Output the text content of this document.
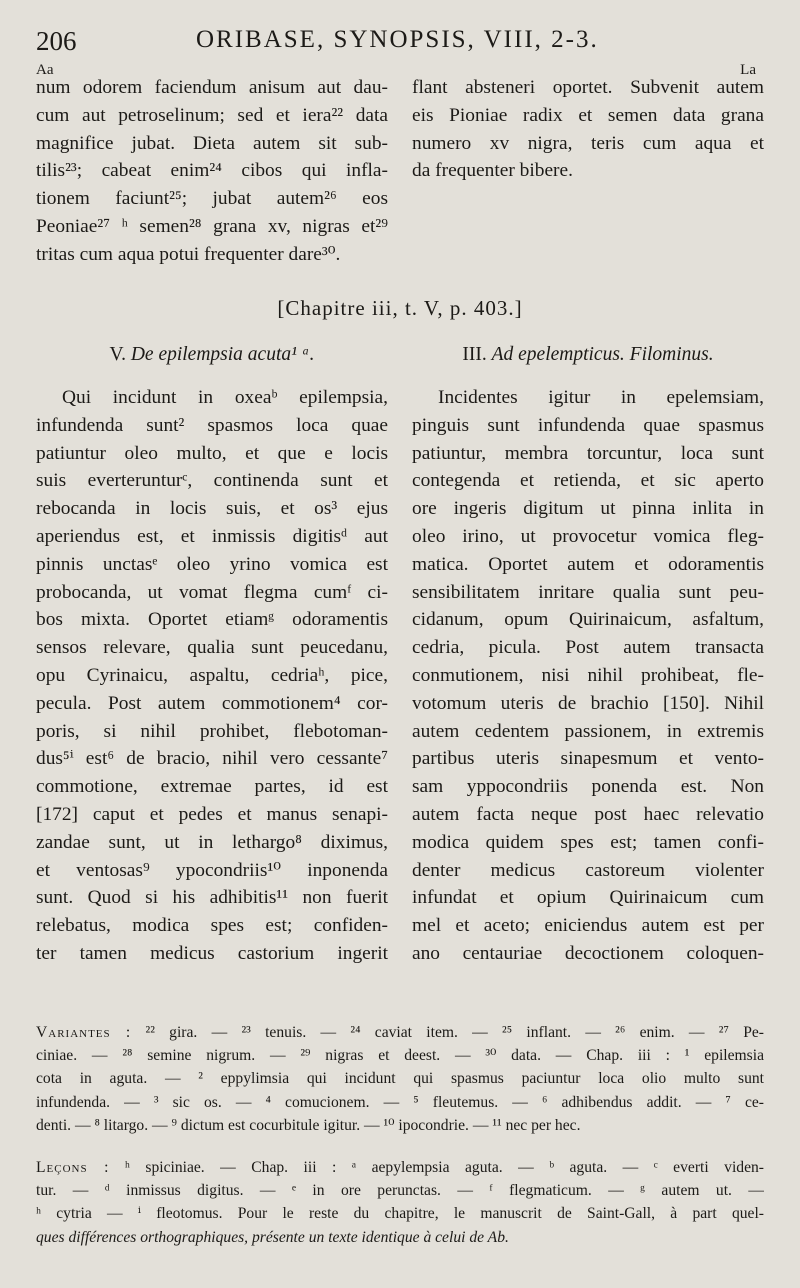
206	ORIBASE, SYNOPSIS, VIII, 2-3.
Aa	La
num odorem faciendum anisum aut dau-
cum aut petroselinum; sed et iera²² data
magnifice jubat. Dieta autem sit sub-
tilis²³; cabeat enim²⁴ cibos qui infla-
tionem faciunt²⁵; jubat autem²⁶ eos
Peoniae²⁷ ʰ semen²⁸ grana xv, nigras et²⁹
tritas cum aqua potui frequenter dare³⁰.
flant absteneri oportet. Subvenit autem
eis Pioniae radix et semen data grana
numero xv nigra, teris cum aqua et
da frequenter bibere.
[Chapitre iii, t. V, p. 403.]
V. De epilempsia acuta¹ ᵃ.	III. Ad epelempticus. Filominus.
Qui incidunt in oxeaᵇ epilempsia,
infundenda sunt² spasmos loca quae
patiuntur oleo multo, et que e locis
suis everterunturᶜ, continenda sunt et
rebocanda in locis suis, et os³ ejus
aperiendus est, et inmissis digitisᵈ aut
pinnis unctasᵉ oleo yrino vomica est
probocanda, ut vomat flegma cumᶠ ci-
bos mixta. Oportet etiamᵍ odoramentis
sensos relevare, qualia sunt peucedanu,
opu Cyrinaicu, aspaltu, cedriaʰ, pice,
pecula. Post autem commotionem⁴ cor-
poris, si nihil prohibet, flebotoman-
dus⁵ⁱ est⁶ de bracio, nihil vero cessante⁷
commotione, extremae partes, id est
[172] caput et pedes et manus senapi-
zandae sunt, ut in lethargo⁸ diximus,
et ventosas⁹ ypocondriis¹⁰ inponenda
sunt. Quod si his adhibitis¹¹ non fuerit
relebatus, modica spes est; confiden-
ter tamen medicus castorium ingerit
Incidentes igitur in epelemsiam,
pinguis sunt infundenda quae spasmus
patiuntur, membra torcuntur, loca sunt
contegenda et retienda, et sic aperto
ore ingeris digitum ut pinna inlita in
oleo irino, ut provocetur vomica fleg-
matica. Oportet autem et odoramentis
sensibilitatem inritare qualia sunt peu-
cidanum, opum Quirinaicum, asfaltum,
cedria, picula. Post autem transacta
conmutionem, nisi nihil prohibeat, fle-
votomum uteris de brachio [150]. Nihil
autem cedentem passionem, in extremis
partibus uteris sinapesmum et vento-
sam yppocondriis ponenda est. Non
autem facta neque post haec relevatio
modica quidem spes est; tamen confi-
denter medicus castoreum violenter
infundat et opium Quirinaicum cum
mel et aceto; eniciendus autem est per
ano centauriae decoctionem coloquen-
Variantes : ²² gira. — ²³ tenuis. — ²⁴ caviat item. — ²⁵ inflant. — ²⁶ enim. — ²⁷ Pe-
ciniae. — ²⁸ semine nigrum. — ²⁹ nigras et deest. — ³⁰ data. — Chap. iii : ¹ epilemsia
cota in aguta. — ² eppylimsia qui incidunt qui spasmus paciuntur loca olio multo sunt
infundenda. — ³ sic os. — ⁴ comucionem. — ⁵ fleutemus. — ⁶ adhibendus addit. — ⁷ ce-
denti. — ⁸ litargo. — ⁹ dictum est cocurbitule igitur. — ¹⁰ ipocondrie. — ¹¹ nec per hec.
Leçons : ʰ spiciniae. — Chap. iii : ᵃ aepylempsia aguta. — ᵇ aguta. — ᶜ everti viden-
tur. — ᵈ inmissus digitus. — ᵉ in ore perunctas. — ᶠ flegmaticum. — ᵍ autem ut. —
ʰ cytria — ⁱ fleotomus. Pour le reste du chapitre, le manuscrit de Saint-Gall, à part quel-
ques différences orthographiques, présente un texte identique à celui de Ab.
